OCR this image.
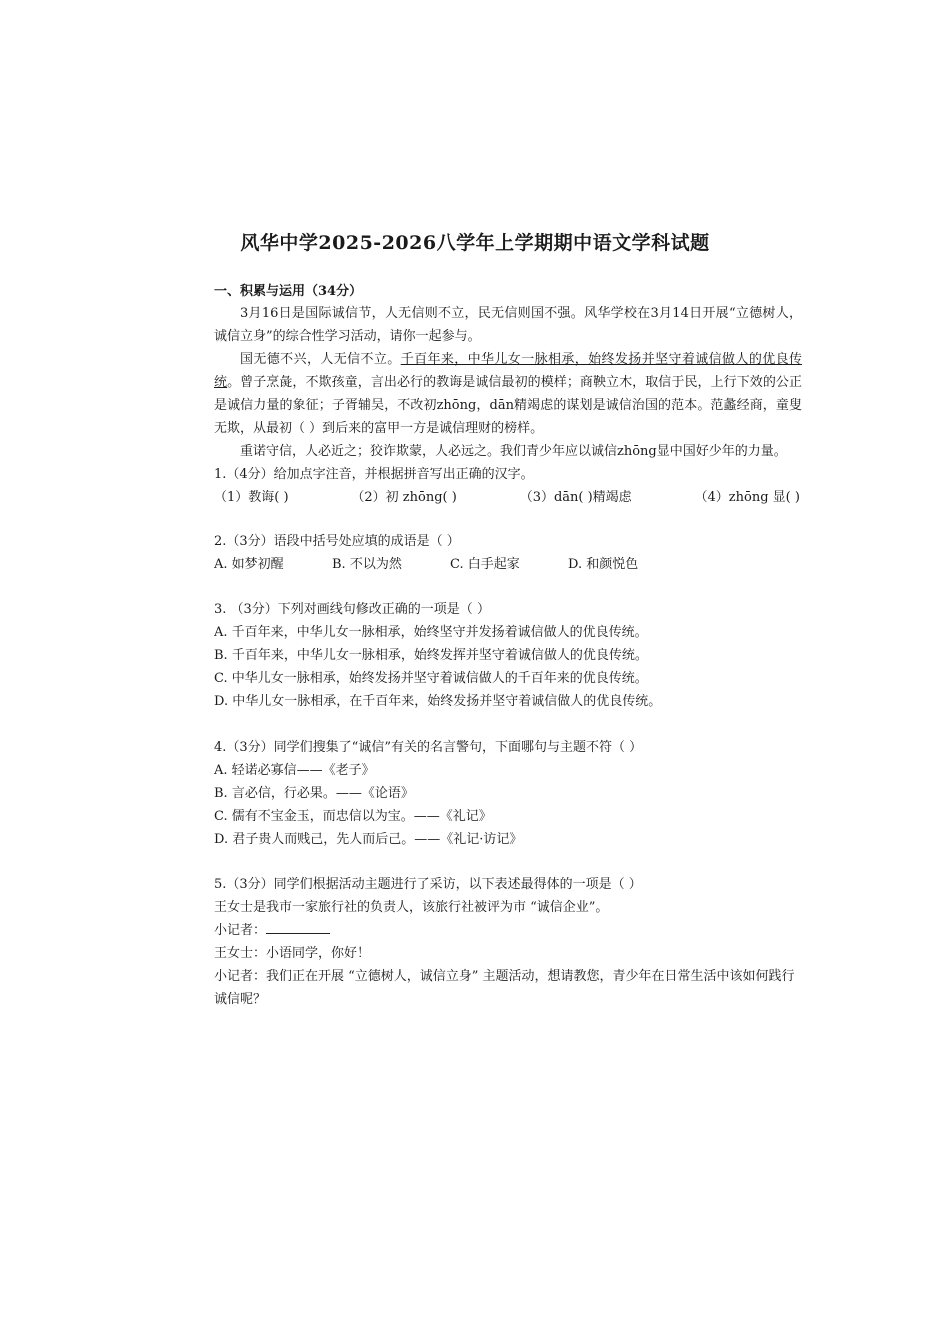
风华中学2025-2026八学年上学期期中语文学科试题
一、积累与运用（34分）

3月16日是国际诚信节，人无信则不立，民无信则国不强。风华学校在3月14日开展“立德树人，诚信立身”的综合性学习活动，请你一起参与。

国无德不兴，人无信不立。千百年来，中华儿女一脉相承，始终发扬并坚守着诚信做人的优良传统。曾子烹彘，不欺孩童，言出必行的教诲是诚信最初的模样；商鞅立木，取信于民，上行下效的公正是诚信力量的象征；子胥辅吴，不改初zhōng，dān精竭虑的谋划是诚信治国的范本。范蠡经商，童叟无欺，从最初（ ）到后来的富甲一方是诚信理财的榜样。

重诺守信，人必近之；狡诈欺蒙，人必远之。我们青少年应以诚信zhōng显中国好少年的力量。

1.（4分）给加点字注音，并根据拼音写出正确的汉字。

（1）教诲( )	（2）初 zhōng( )	（3）dān( )精竭虑	（4）zhōng 显( )

2.（3分）语段中括号处应填的成语是（ ）

A. 如梦初醒	B. 不以为然	C. 白手起家	D. 和颜悦色

3. （3分）下列对画线句修改正确的一项是（ ）

A. 千百年来，中华儿女一脉相承，始终坚守并发扬着诚信做人的优良传统。

B. 千百年来，中华儿女一脉相承，始终发挥并坚守着诚信做人的优良传统。

C. 中华儿女一脉相承，始终发扬并坚守着诚信做人的千百年来的优良传统。

D. 中华儿女一脉相承，在千百年来，始终发扬并坚守着诚信做人的优良传统。

4.（3分）同学们搜集了“诚信”有关的名言警句，下面哪句与主题不符（ ）

A. 轻诺必寡信——《老子》

B. 言必信，行必果。——《论语》

C. 儒有不宝金玉，而忠信以为宝。——《礼记》

D. 君子贵人而贱己，先人而后己。——《礼记·访记》

5.（3分）同学们根据活动主题进行了采访，以下表述最得体的一项是（ ）

王女士是我市一家旅行社的负责人，该旅行社被评为市 “诚信企业”。

小记者：

王女士：小语同学，你好！

小记者：我们正在开展 “立德树人，诚信立身” 主题活动，想请教您，青少年在日常生活中该如何践行诚信呢？
